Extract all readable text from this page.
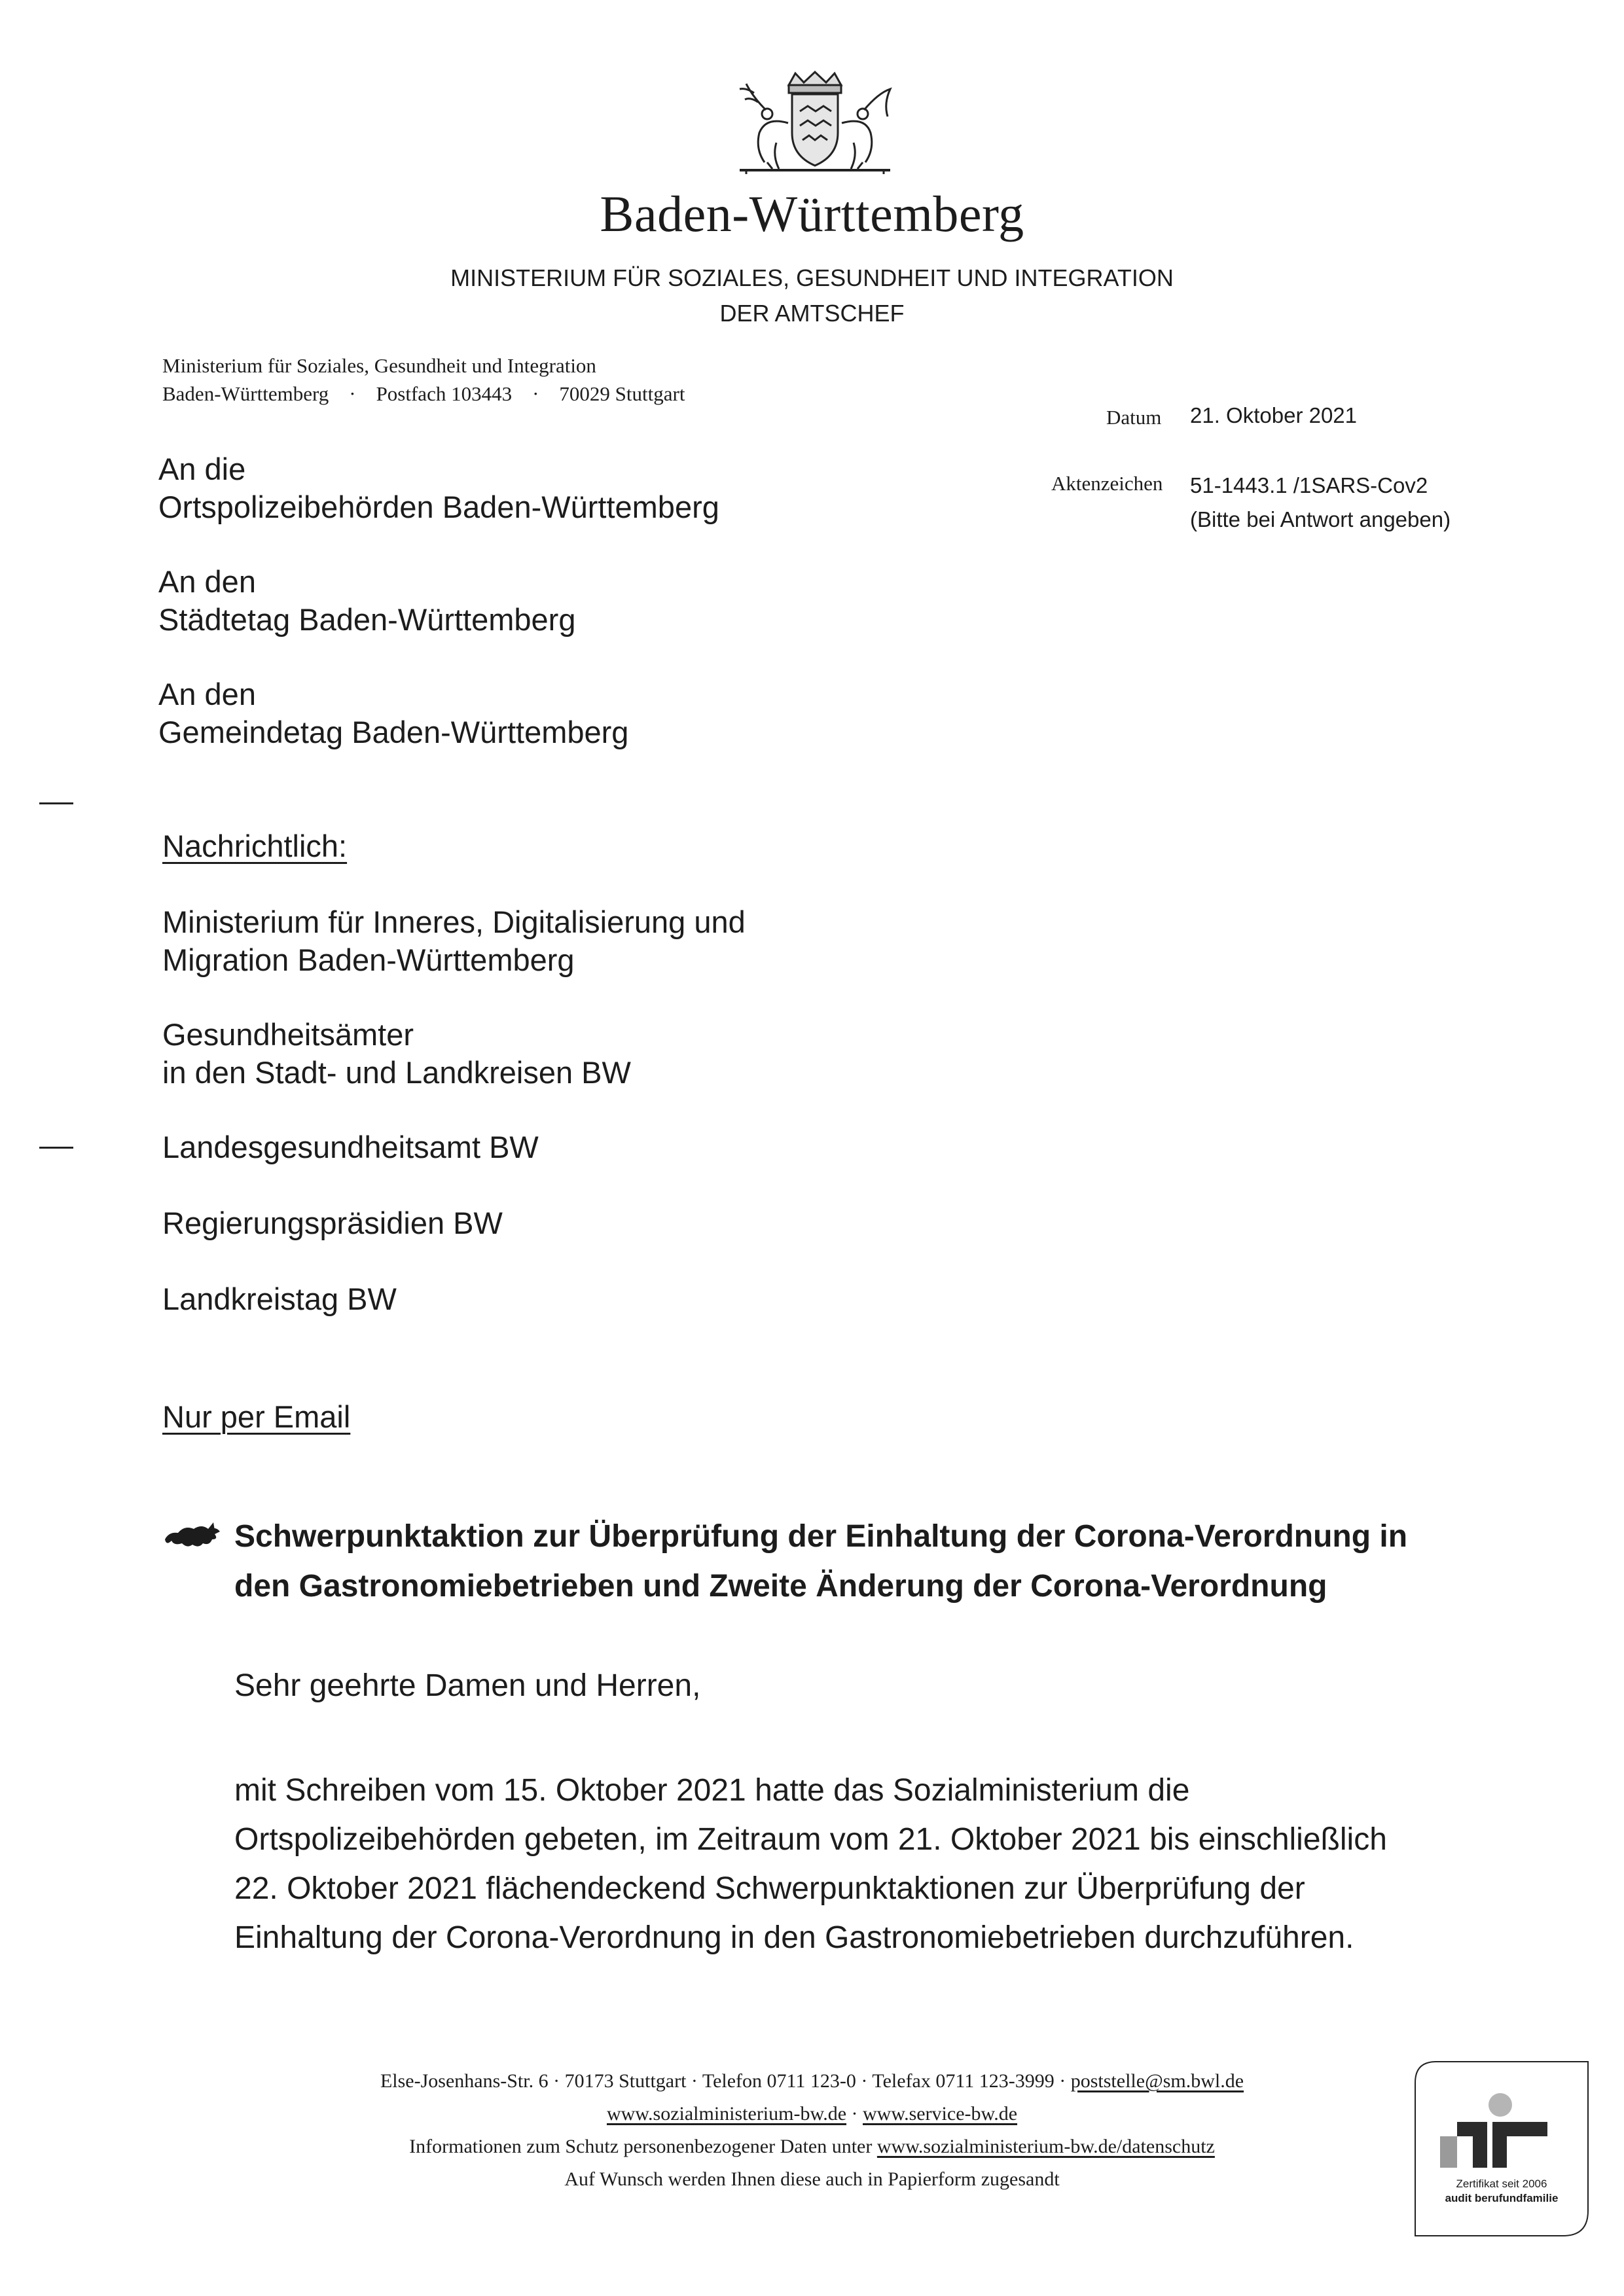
Baden-Württemberg
MINISTERIUM FÜR SOZIALES, GESUNDHEIT UND INTEGRATION
DER AMTSCHEF
Ministerium für Soziales, Gesundheit und Integration
Baden-Württemberg    ·    Postfach 103443    ·    70029 Stuttgart
Datum 21. Oktober 2021
Aktenzeichen 51-1443.1 /1SARS-Cov2
(Bitte bei Antwort angeben)
An die
Ortspolizeibehörden Baden-Württemberg
An den
Städtetag Baden-Württemberg
An den
Gemeindetag Baden-Württemberg
Nachrichtlich:
Ministerium für Inneres, Digitalisierung und
Migration Baden-Württemberg
Gesundheitsämter
in den Stadt- und Landkreisen BW
Landesgesundheitsamt BW
Regierungspräsidien BW
Landkreistag BW
Nur per Email
Schwerpunktaktion zur Überprüfung der Einhaltung der Corona-Verordnung in
den Gastronomiebetrieben und Zweite Änderung der Corona-Verordnung
Sehr geehrte Damen und Herren,
mit Schreiben vom 15. Oktober 2021 hatte das Sozialministerium die
Ortspolizeibehörden gebeten, im Zeitraum vom 21. Oktober 2021 bis einschließlich
22. Oktober 2021 flächendeckend Schwerpunktaktionen zur Überprüfung der
Einhaltung der Corona-Verordnung in den Gastronomiebetrieben durchzuführen.
Else-Josenhans-Str. 6 · 70173 Stuttgart · Telefon 0711 123-0 · Telefax 0711 123-3999 · poststelle@sm.bwl.de
www.sozialministerium-bw.de · www.service-bw.de
Informationen zum Schutz personenbezogener Daten unter www.sozialministerium-bw.de/datenschutz
Auf Wunsch werden Ihnen diese auch in Papierform zugesandt	Zertifikat seit 2006
audit berufundfamilie
